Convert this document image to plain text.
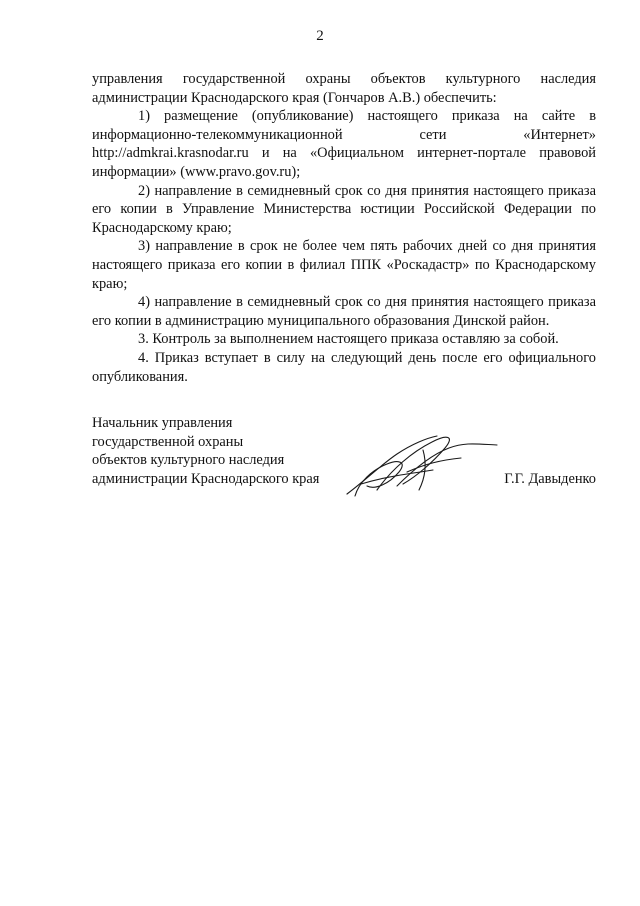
2

управления государственной охраны объектов культурного наследия администрации Краснодарского края (Гончаров А.В.) обеспечить:

1) размещение (опубликование) настоящего приказа на сайте в информационно-телекоммуникационной сети «Интернет» http://admkrai.krasnodar.ru и на «Официальном интернет-портале правовой информации» (www.pravo.gov.ru);

2) направление в семидневный срок со дня принятия настоящего приказа его копии в Управление Министерства юстиции Российской Федерации по Краснодарскому краю;

3) направление в срок не более чем пять рабочих дней со дня принятия настоящего приказа его копии в филиал ППК «Роскадастр» по Краснодарскому краю;

4) направление в семидневный срок со дня принятия настоящего приказа его копии в администрацию муниципального образования Динской район.

3. Контроль за выполнением настоящего приказа оставляю за собой.

4. Приказ вступает в силу на следующий день после его официального опубликования.

Начальник управления
государственной охраны
объектов культурного наследия
администрации Краснодарского края	Г.Г. Давыденко
